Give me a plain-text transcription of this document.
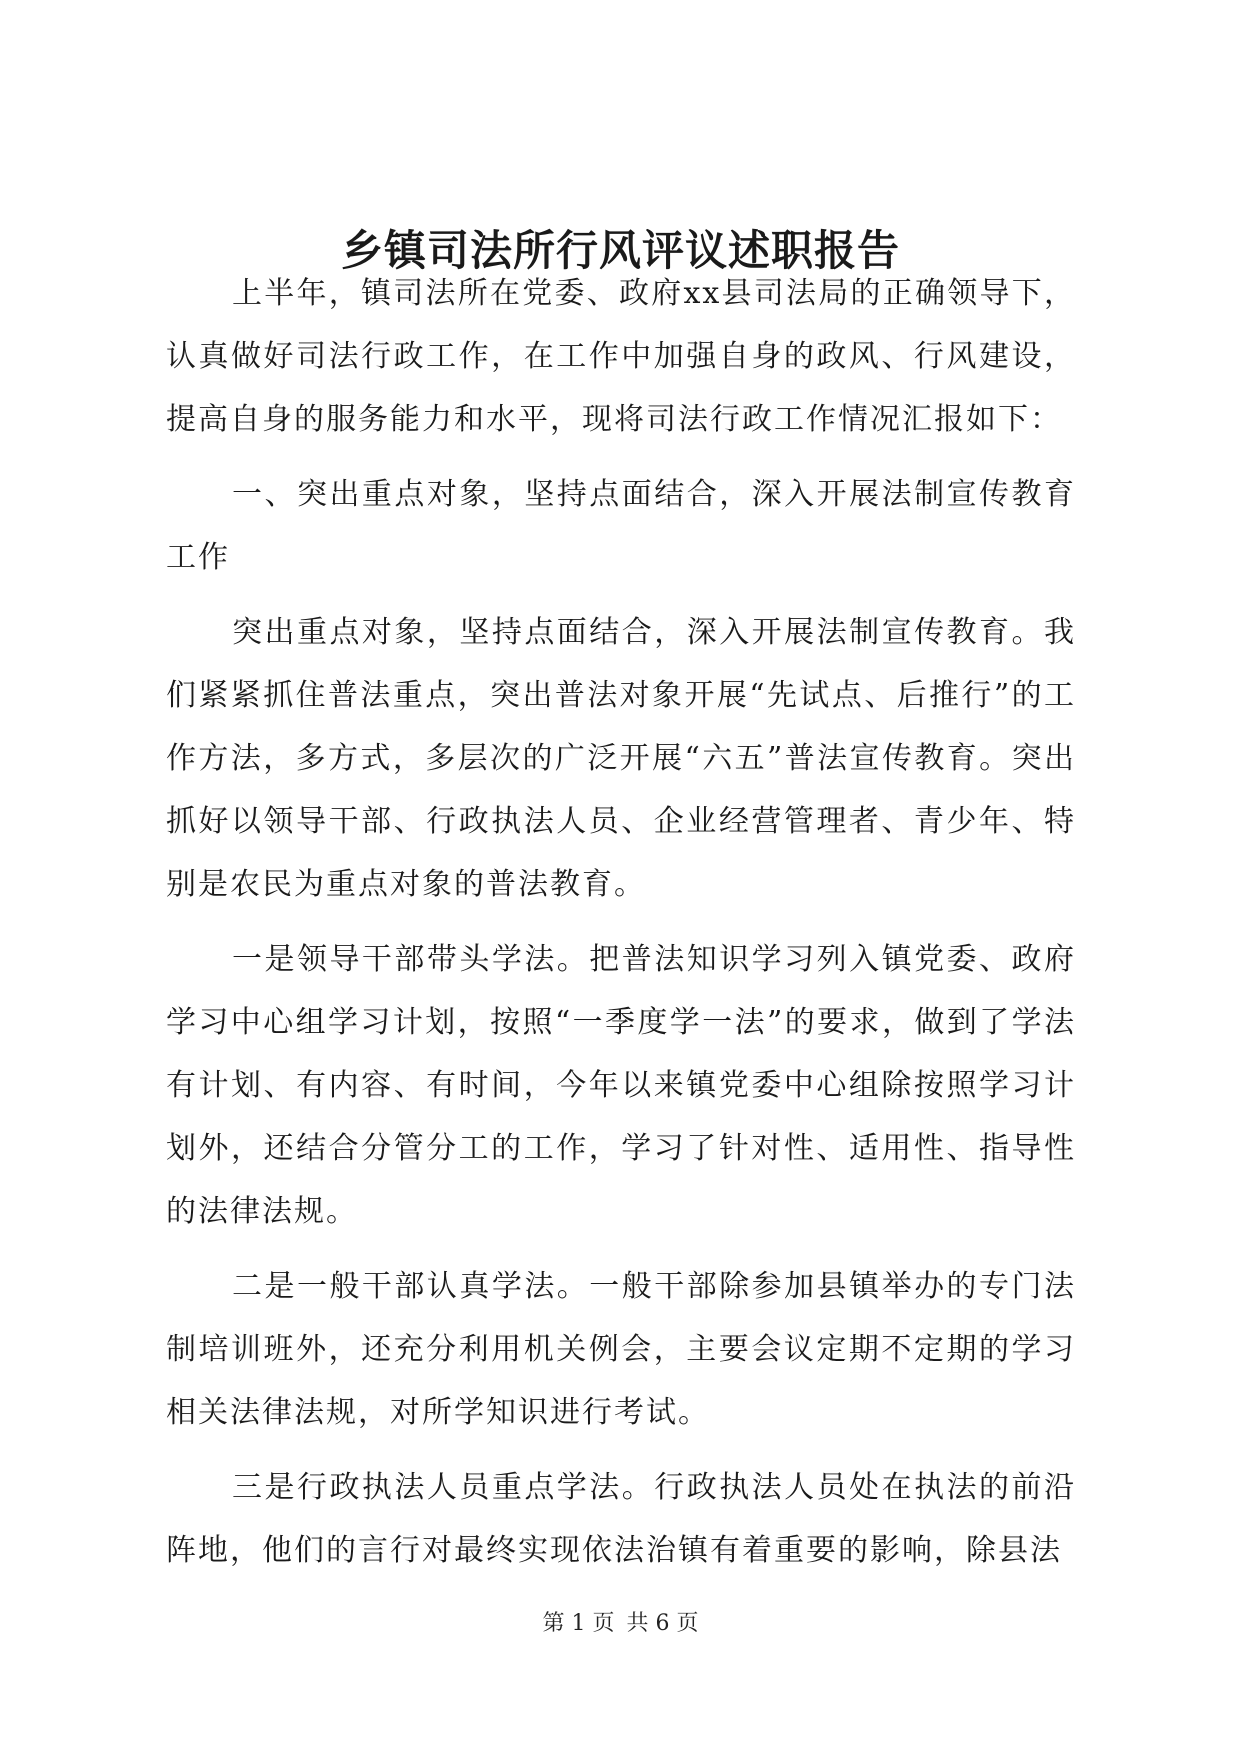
乡镇司法所行风评议述职报告

上半年，镇司法所在党委、政府xx县司法局的正确领导下，认真做好司法行政工作，在工作中加强自身的政风、行风建设，提高自身的服务能力和水平，现将司法行政工作情况汇报如下：

一、突出重点对象，坚持点面结合，深入开展法制宣传教育工作

突出重点对象，坚持点面结合，深入开展法制宣传教育。我们紧紧抓住普法重点，突出普法对象开展“先试点、后推行”的工作方法，多方式，多层次的广泛开展“六五”普法宣传教育。突出抓好以领导干部、行政执法人员、企业经营管理者、青少年、特别是农民为重点对象的普法教育。

一是领导干部带头学法。把普法知识学习列入镇党委、政府学习中心组学习计划，按照“一季度学一法”的要求，做到了学法有计划、有内容、有时间，今年以来镇党委中心组除按照学习计划外，还结合分管分工的工作，学习了针对性、适用性、指导性的法律法规。

二是一般干部认真学法。一般干部除参加县镇举办的专门法制培训班外，还充分利用机关例会，主要会议定期不定期的学习相关法律法规，对所学知识进行考试。

三是行政执法人员重点学法。行政执法人员处在执法的前沿阵地，他们的言行对最终实现依法治镇有着重要的影响，除县法

第 1 页 共 6 页
